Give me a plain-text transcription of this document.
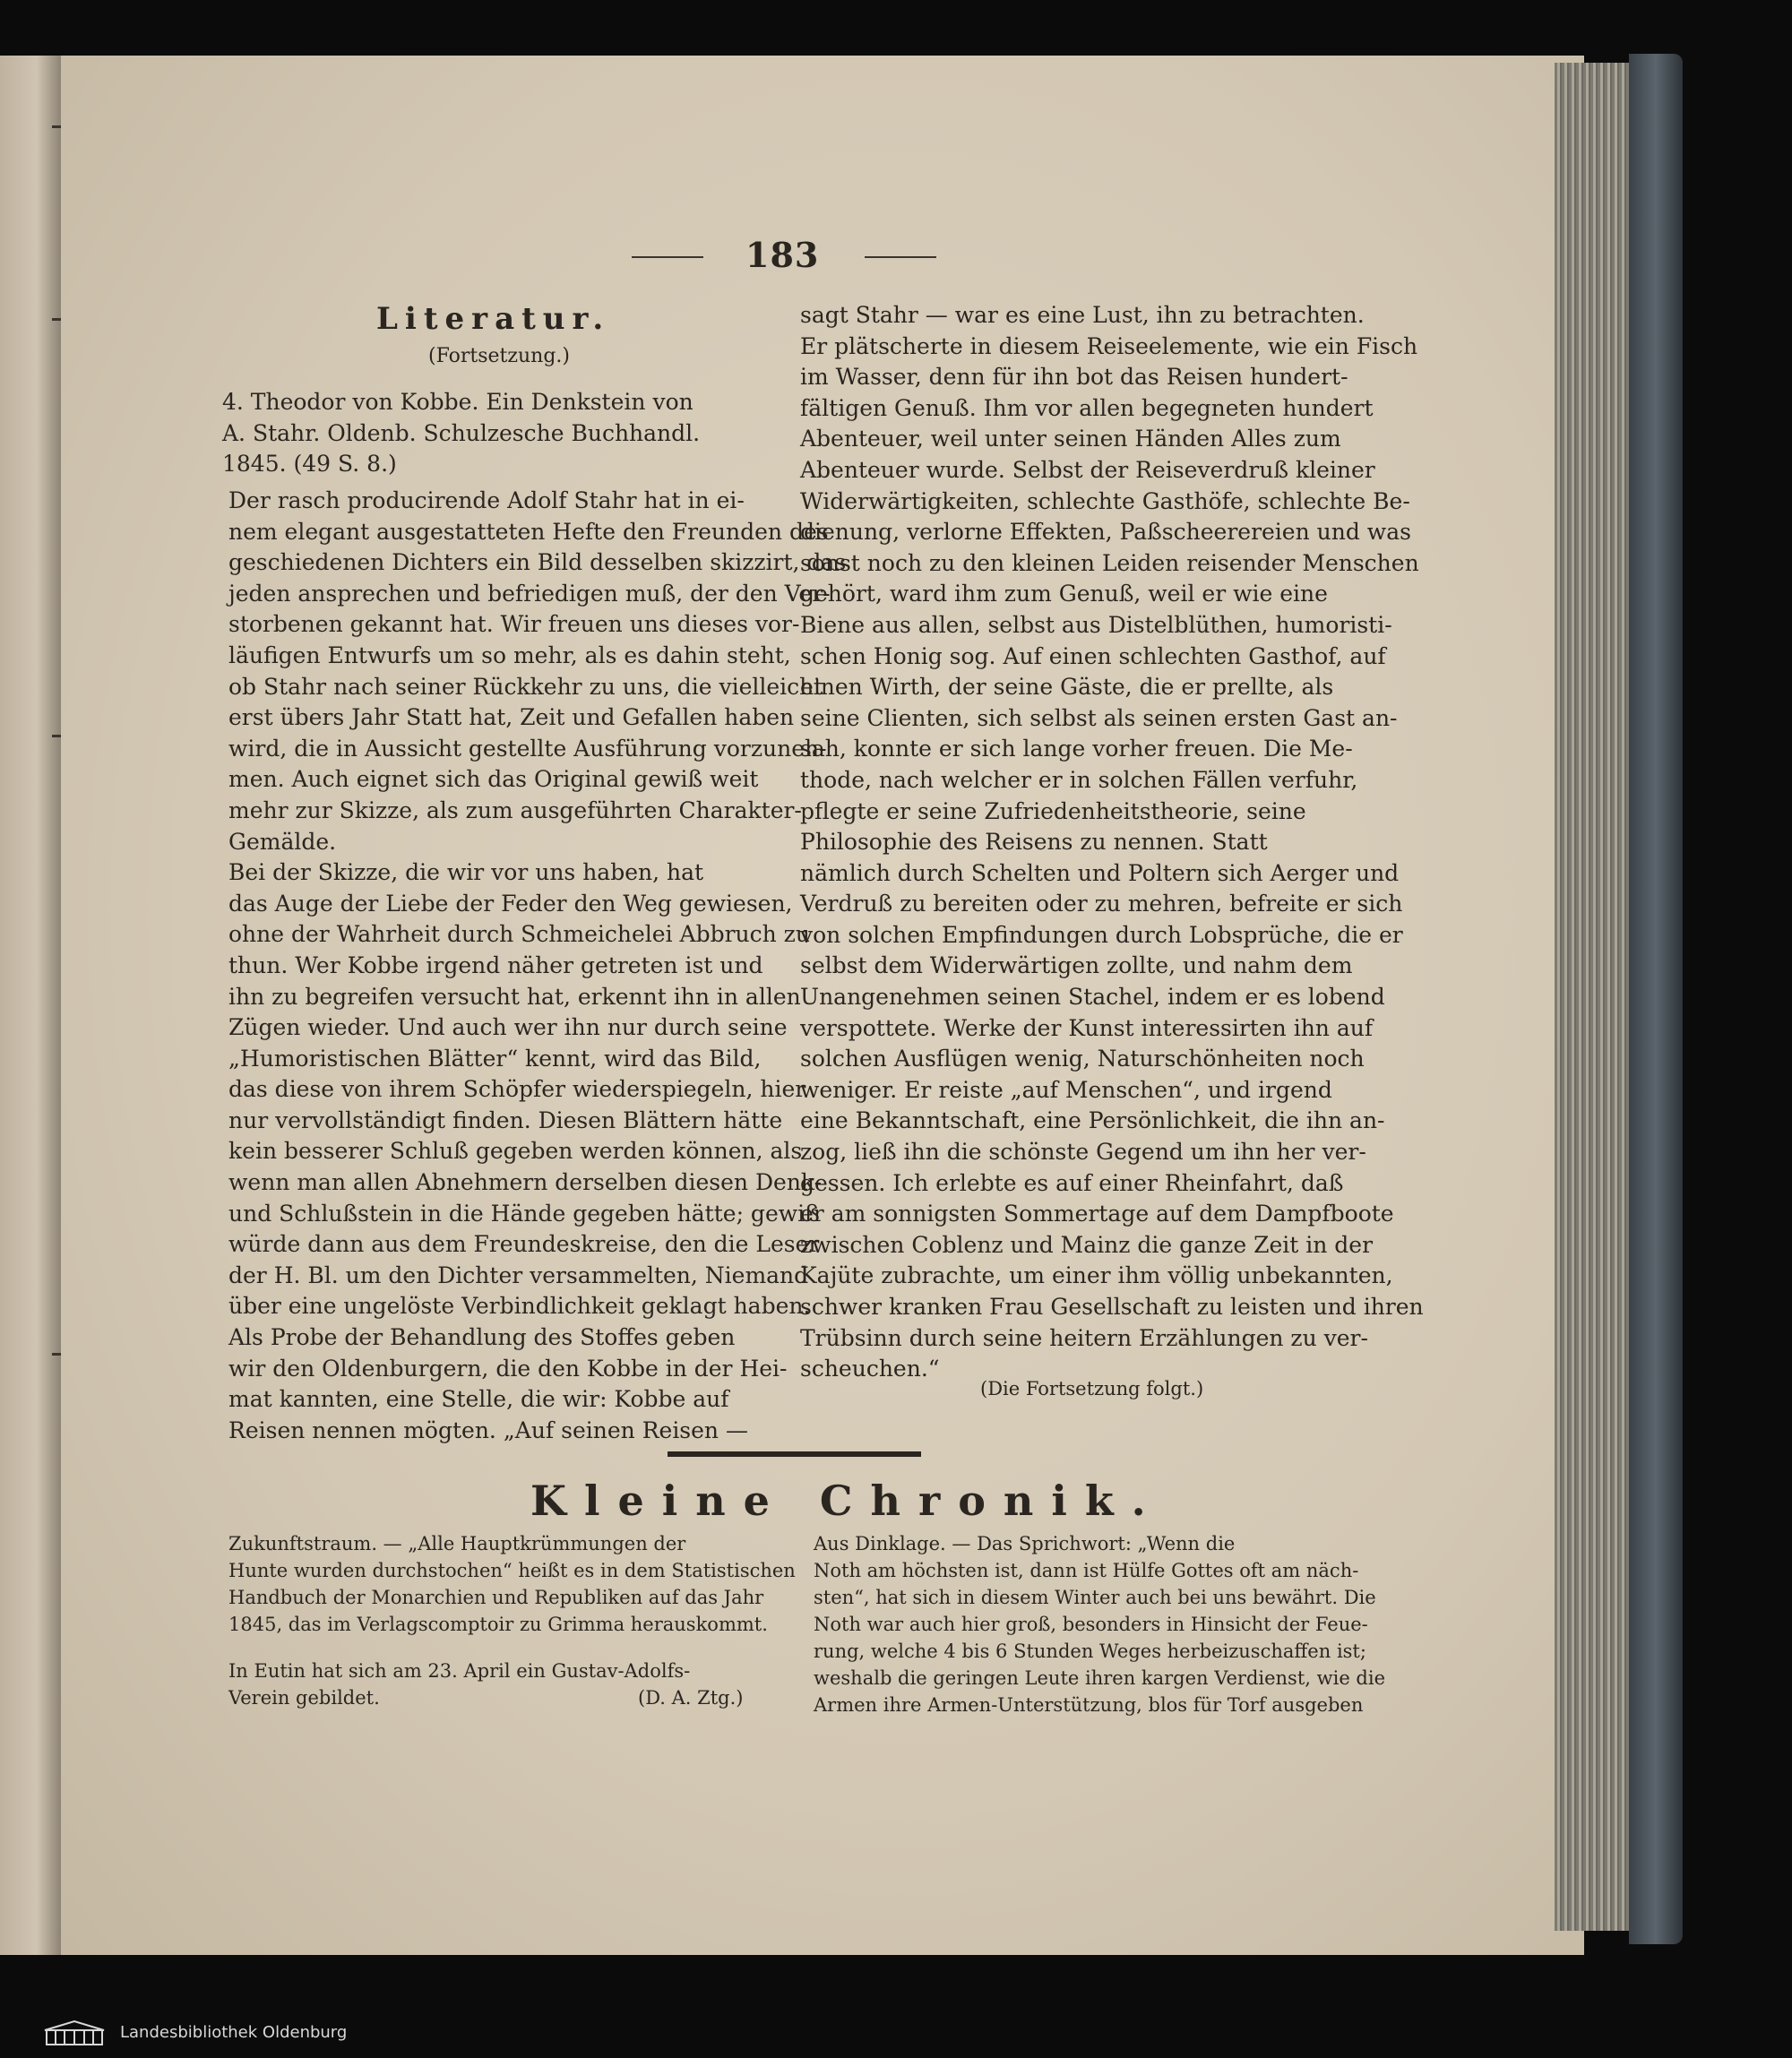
183
Literatur.
(Fortsetzung.)
4. Theodor von Kobbe. Ein Denkstein von
A. Stahr. Oldenb. Schulzesche Buchhandl.
1845. (49 S. 8.)
Der rasch producirende Adolf Stahr hat in ei-
nem elegant ausgestatteten Hefte den Freunden des
geschiedenen Dichters ein Bild desselben skizzirt, das
jeden ansprechen und befriedigen muß, der den Ver-
storbenen gekannt hat. Wir freuen uns dieses vor-
läufigen Entwurfs um so mehr, als es dahin steht,
ob Stahr nach seiner Rückkehr zu uns, die vielleicht
erst übers Jahr Statt hat, Zeit und Gefallen haben
wird, die in Aussicht gestellte Ausführung vorzuneh-
men. Auch eignet sich das Original gewiß weit
mehr zur Skizze, als zum ausgeführten Charakter-
Gemälde.
Bei der Skizze, die wir vor uns haben, hat
das Auge der Liebe der Feder den Weg gewiesen,
ohne der Wahrheit durch Schmeichelei Abbruch zu
thun. Wer Kobbe irgend näher getreten ist und
ihn zu begreifen versucht hat, erkennt ihn in allen
Zügen wieder. Und auch wer ihn nur durch seine
„Humoristischen Blätter“ kennt, wird das Bild,
das diese von ihrem Schöpfer wiederspiegeln, hier
nur vervollständigt finden. Diesen Blättern hätte
kein besserer Schluß gegeben werden können, als
wenn man allen Abnehmern derselben diesen Denk-
und Schlußstein in die Hände gegeben hätte; gewiß
würde dann aus dem Freundeskreise, den die Leser
der H. Bl. um den Dichter versammelten, Niemand
über eine ungelöste Verbindlichkeit geklagt haben.
Als Probe der Behandlung des Stoffes geben
wir den Oldenburgern, die den Kobbe in der Hei-
mat kannten, eine Stelle, die wir: Kobbe auf
Reisen nennen mögten. „Auf seinen Reisen —
sagt Stahr — war es eine Lust, ihn zu betrachten.
Er plätscherte in diesem Reiseelemente, wie ein Fisch
im Wasser, denn für ihn bot das Reisen hundert-
fältigen Genuß. Ihm vor allen begegneten hundert
Abenteuer, weil unter seinen Händen Alles zum
Abenteuer wurde. Selbst der Reiseverdruß kleiner
Widerwärtigkeiten, schlechte Gasthöfe, schlechte Be-
dienung, verlorne Effekten, Paßscheerereien und was
sonst noch zu den kleinen Leiden reisender Menschen
gehört, ward ihm zum Genuß, weil er wie eine
Biene aus allen, selbst aus Distelblüthen, humoristi-
schen Honig sog. Auf einen schlechten Gasthof, auf
einen Wirth, der seine Gäste, die er prellte, als
seine Clienten, sich selbst als seinen ersten Gast an-
sah, konnte er sich lange vorher freuen. Die Me-
thode, nach welcher er in solchen Fällen verfuhr,
pflegte er seine Zufriedenheitstheorie, seine
Philosophie des Reisens zu nennen. Statt
nämlich durch Schelten und Poltern sich Aerger und
Verdruß zu bereiten oder zu mehren, befreite er sich
von solchen Empfindungen durch Lobsprüche, die er
selbst dem Widerwärtigen zollte, und nahm dem
Unangenehmen seinen Stachel, indem er es lobend
verspottete. Werke der Kunst interessirten ihn auf
solchen Ausflügen wenig, Naturschönheiten noch
weniger. Er reiste „auf Menschen“, und irgend
eine Bekanntschaft, eine Persönlichkeit, die ihn an-
zog, ließ ihn die schönste Gegend um ihn her ver-
gessen. Ich erlebte es auf einer Rheinfahrt, daß
er am sonnigsten Sommertage auf dem Dampfboote
zwischen Coblenz und Mainz die ganze Zeit in der
Kajüte zubrachte, um einer ihm völlig unbekannten,
schwer kranken Frau Gesellschaft zu leisten und ihren
Trübsinn durch seine heitern Erzählungen zu ver-
scheuchen.“
(Die Fortsetzung folgt.)
Kleine Chronik.
Zukunftstraum. — „Alle Hauptkrümmungen der
Hunte wurden durchstochen“ heißt es in dem Statistischen
Handbuch der Monarchien und Republiken auf das Jahr
1845, das im Verlagscomptoir zu Grimma herauskommt.
In Eutin hat sich am 23. April ein Gustav-Adolfs-
Verein gebildet.	(D. A. Ztg.)
Aus Dinklage. — Das Sprichwort: „Wenn die
Noth am höchsten ist, dann ist Hülfe Gottes oft am näch-
sten“, hat sich in diesem Winter auch bei uns bewährt. Die
Noth war auch hier groß, besonders in Hinsicht der Feue-
rung, welche 4 bis 6 Stunden Weges herbeizuschaffen ist;
weshalb die geringen Leute ihren kargen Verdienst, wie die
Armen ihre Armen-Unterstützung, blos für Torf ausgeben
Landesbibliothek Oldenburg
